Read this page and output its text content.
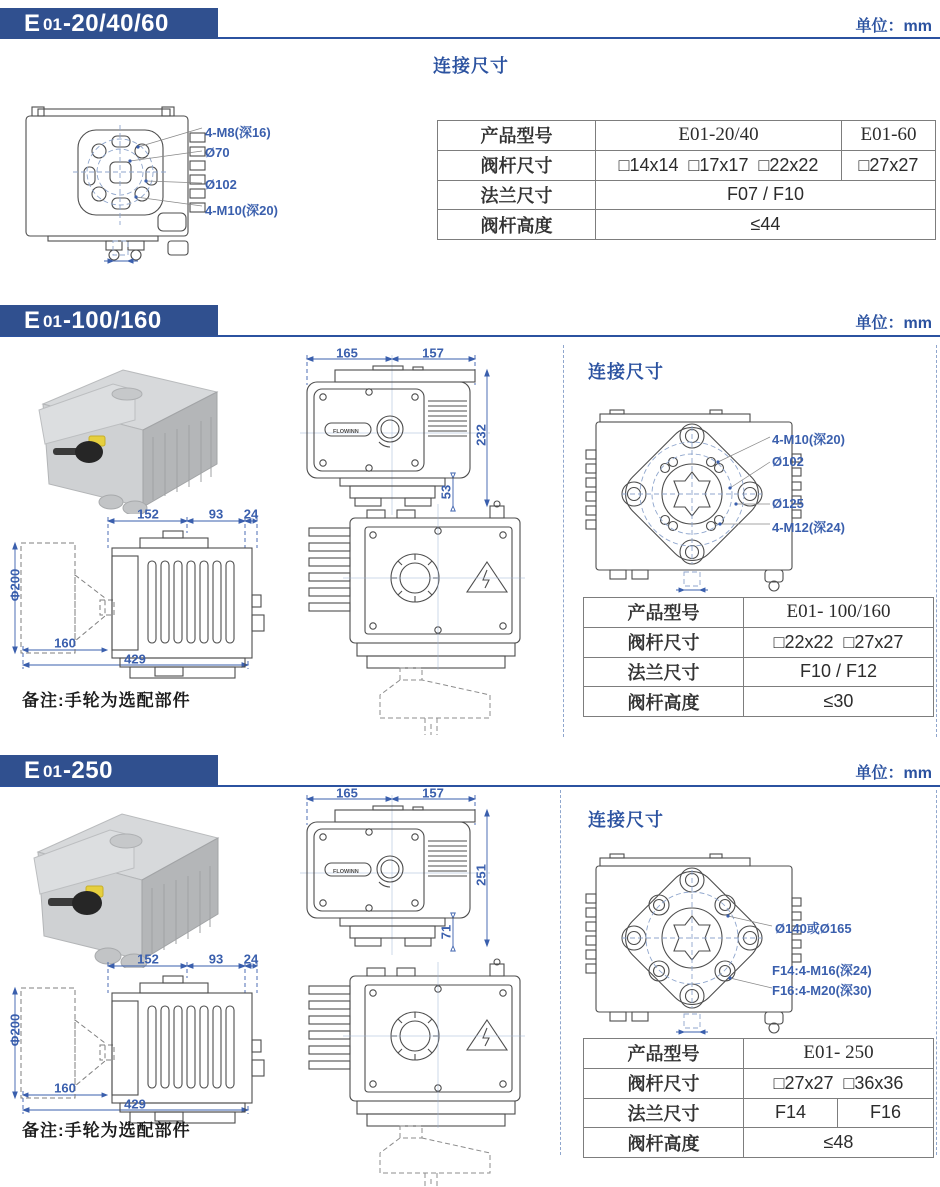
E 01 -20/40/60	单位：mm
连接尺寸
4-M8(深16)
Ø70
Ø102
4-M10(深20)
产品型号	E01-20/40	E01-60
阀杆尺寸	□14x14  □17x17  □22x22	□27x27
法兰尺寸	F07 / F10	
阀杆高度	≤44	
E 01 -100/160	单位：mm
FLOWINN
165	157
232
53
152	93 24
Φ200
160
429
备注:手轮为选配部件
连接尺寸
4-M10(深20)
Ø102
Ø125
4-M12(深24)
产品型号	E01- 100/160
阀杆尺寸	□22x22  □27x27
法兰尺寸	F10 / F12
阀杆高度	≤30
E 01 -250	单位：mm
FLOWINN
165	157
251
71
152	93 24
Φ200
160
429
备注:手轮为选配部件
连接尺寸
Ø140或Ø165
F14:4-M16(深24)
F16:4-M20(深30)
产品型号	E01- 250	
阀杆尺寸	□27x27  □36x36	
法兰尺寸	F14	F16
阀杆高度	≤48	
